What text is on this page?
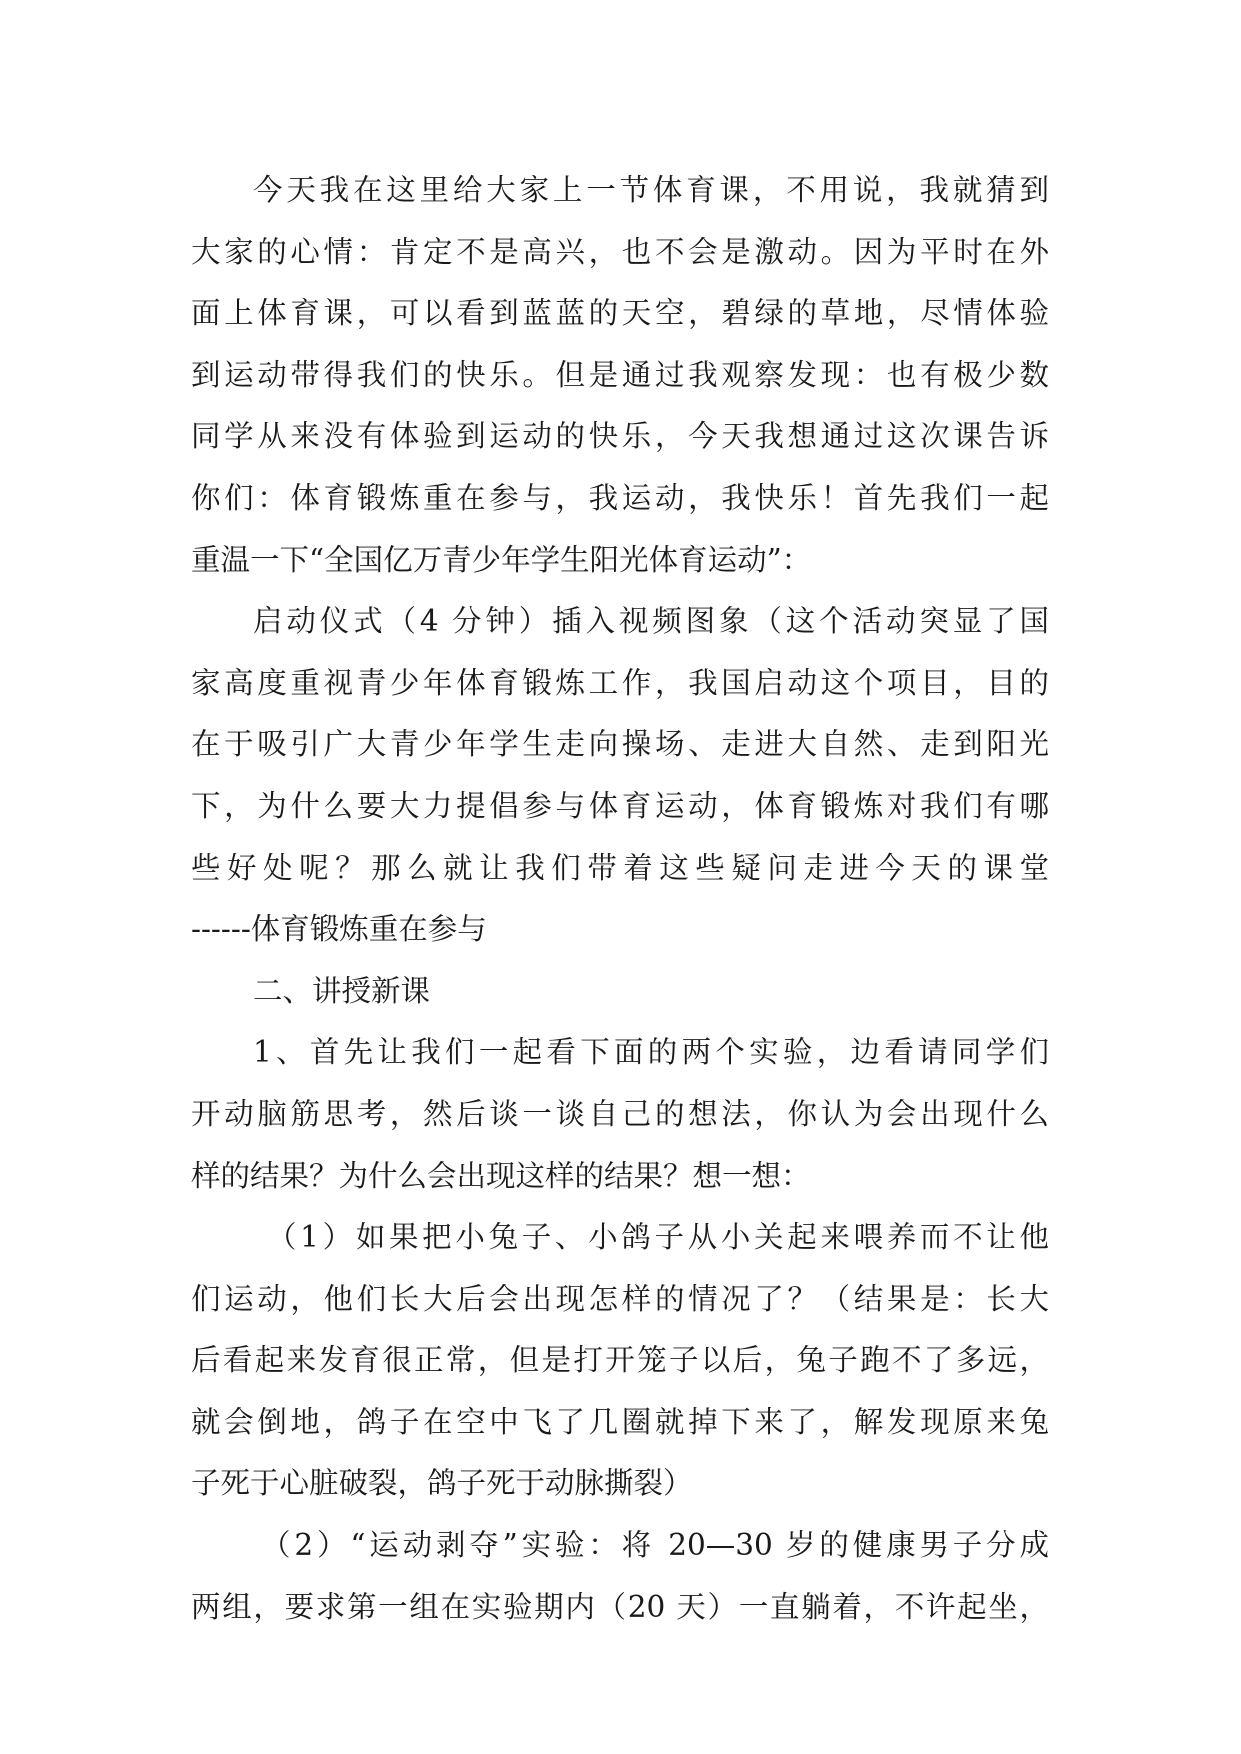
今天我在这里给大家上一节体育课，不用说，我就猜到
大家的心情：肯定不是高兴，也不会是激动。因为平时在外
面上体育课，可以看到蓝蓝的天空，碧绿的草地，尽情体验
到运动带得我们的快乐。但是通过我观察发现：也有极少数
同学从来没有体验到运动的快乐，今天我想通过这次课告诉
你们：体育锻炼重在参与，我运动，我快乐！首先我们一起
重温一下“全国亿万青少年学生阳光体育运动”：
启动仪式（4 分钟）插入视频图象（这个活动突显了国
家高度重视青少年体育锻炼工作，我国启动这个项目，目的
在于吸引广大青少年学生走向操场、走进大自然、走到阳光
下，为什么要大力提倡参与体育运动，体育锻炼对我们有哪
些好处呢？那么就让我们带着这些疑问走进今天的课堂
------体育锻炼重在参与
二、讲授新课
1、首先让我们一起看下面的两个实验，边看请同学们
开动脑筋思考，然后谈一谈自己的想法，你认为会出现什么
样的结果？为什么会出现这样的结果？想一想：
（1）如果把小兔子、小鸽子从小关起来喂养而不让他
们运动，他们长大后会出现怎样的情况了？（结果是：长大
后看起来发育很正常，但是打开笼子以后，兔子跑不了多远，
就会倒地，鸽子在空中飞了几圈就掉下来了，解发现原来兔
子死于心脏破裂，鸽子死于动脉撕裂）
（2）“运动剥夺”实验：将 20—30 岁的健康男子分成
两组，要求第一组在实验期内（20 天）一直躺着，不许起坐，
